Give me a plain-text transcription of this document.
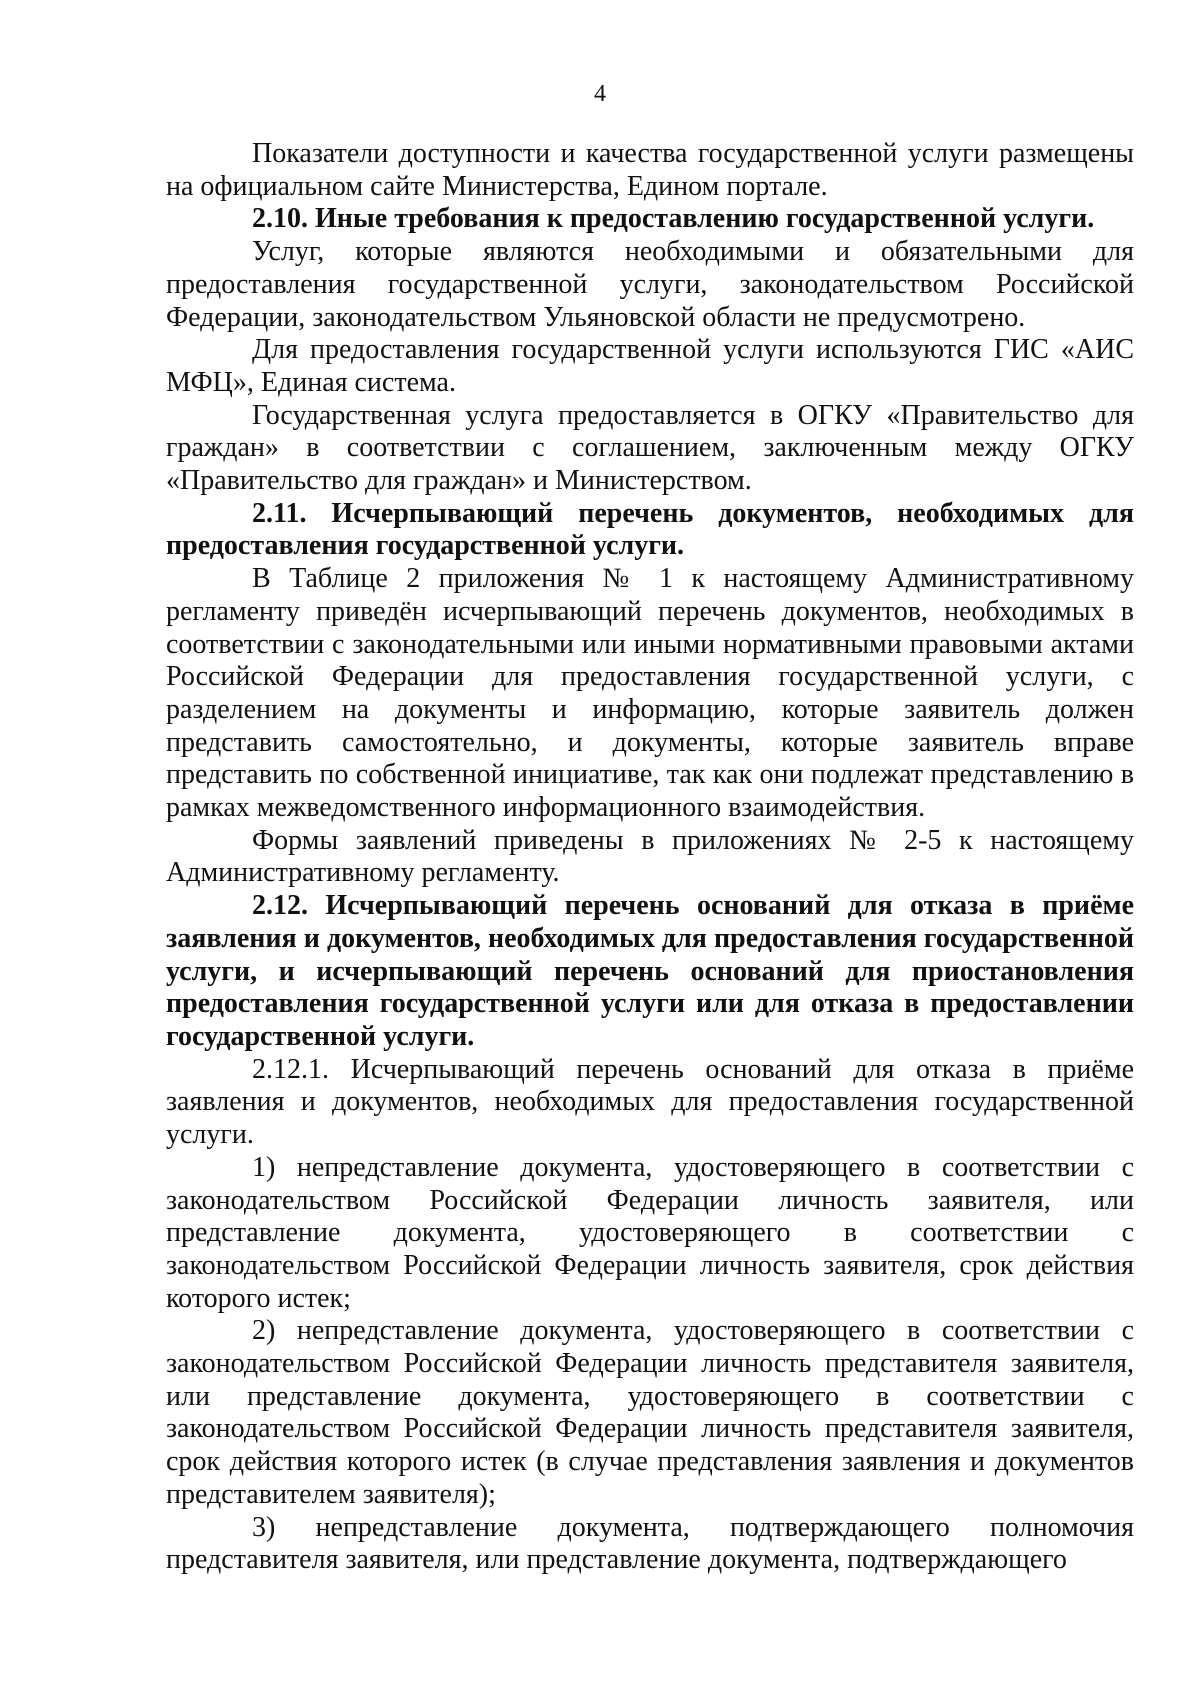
4

Показатели доступности и качества государственной услуги размещены на официальном сайте Министерства, Едином портале.

2.10. Иные требования к предоставлению государственной услуги.

Услуг, которые являются необходимыми и обязательными для предоставления государственной услуги, законодательством Российской Федерации, законодательством Ульяновской области не предусмотрено.

Для предоставления государственной услуги используются ГИС «АИС МФЦ», Единая система.

Государственная услуга предоставляется в ОГКУ «Правительство для граждан» в соответствии с соглашением, заключенным между ОГКУ «Правительство для граждан» и Министерством.

2.11. Исчерпывающий перечень документов, необходимых для предоставления государственной услуги.

В Таблице 2 приложения № 1 к настоящему Административному регламенту приведён исчерпывающий перечень документов, необходимых в соответствии с законодательными или иными нормативными правовыми актами Российской Федерации для предоставления государственной услуги, с разделением на документы и информацию, которые заявитель должен представить самостоятельно, и документы, которые заявитель вправе представить по собственной инициативе, так как они подлежат представлению в рамках межведомственного информационного взаимодействия.

Формы заявлений приведены в приложениях № 2-5 к настоящему Административному регламенту.

2.12. Исчерпывающий перечень оснований для отказа в приёме заявления и документов, необходимых для предоставления государственной услуги, и исчерпывающий перечень оснований для приостановления предоставления государственной услуги или для отказа в предоставлении государственной услуги.

2.12.1. Исчерпывающий перечень оснований для отказа в приёме заявления и документов, необходимых для предоставления государственной услуги.

1) непредставление документа, удостоверяющего в соответствии с законодательством Российской Федерации личность заявителя, или представление документа, удостоверяющего в соответствии с законодательством Российской Федерации личность заявителя, срок действия которого истек;

2) непредставление документа, удостоверяющего в соответствии с законодательством Российской Федерации личность представителя заявителя, или представление документа, удостоверяющего в соответствии с законодательством Российской Федерации личность представителя заявителя, срок действия которого истек (в случае представления заявления и документов представителем заявителя);

3) непредставление документа, подтверждающего полномочия представителя заявителя, или представление документа, подтверждающего
